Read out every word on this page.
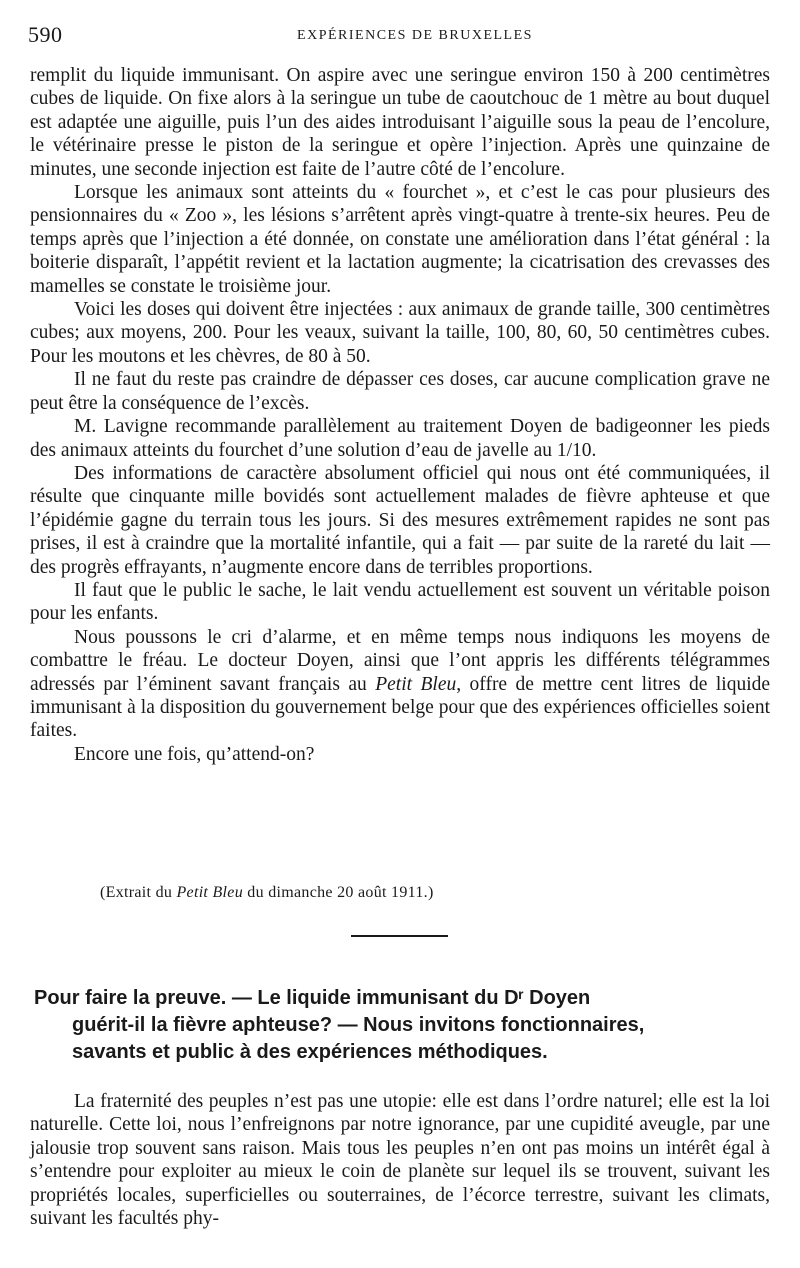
590	EXPÉRIENCES DE BRUXELLES

remplit du liquide immunisant. On aspire avec une seringue environ 150 à 200 centimètres cubes de liquide. On fixe alors à la seringue un tube de caoutchouc de 1 mètre au bout duquel est adaptée une aiguille, puis l’un des aides introduisant l’aiguille sous la peau de l’encolure, le vétérinaire presse le piston de la seringue et opère l’injection. Après une quinzaine de minutes, une seconde injection est faite de l’autre côté de l’encolure.

Lorsque les animaux sont atteints du « fourchet », et c’est le cas pour plusieurs des pensionnaires du « Zoo », les lésions s’arrêtent après vingt-quatre à trente-six heures. Peu de temps après que l’injection a été donnée, on constate une amélioration dans l’état général : la boiterie disparaît, l’appétit revient et la lactation augmente; la cicatrisation des crevasses des mamelles se constate le troisième jour.

Voici les doses qui doivent être injectées : aux animaux de grande taille, 300 centimètres cubes; aux moyens, 200. Pour les veaux, suivant la taille, 100, 80, 60, 50 centimètres cubes. Pour les moutons et les chèvres, de 80 à 50.

Il ne faut du reste pas craindre de dépasser ces doses, car aucune complication grave ne peut être la conséquence de l’excès.

M. Lavigne recommande parallèlement au traitement Doyen de badigeonner les pieds des animaux atteints du fourchet d’une solution d’eau de javelle au 1/10.

Des informations de caractère absolument officiel qui nous ont été communiquées, il résulte que cinquante mille bovidés sont actuellement malades de fièvre aphteuse et que l’épidémie gagne du terrain tous les jours. Si des mesures extrêmement rapides ne sont pas prises, il est à craindre que la mortalité infantile, qui a fait — par suite de la rareté du lait — des progrès effrayants, n’augmente encore dans de terribles proportions.

Il faut que le public le sache, le lait vendu actuellement est souvent un véritable poison pour les enfants.

Nous poussons le cri d’alarme, et en même temps nous indiquons les moyens de combattre le fréau. Le docteur Doyen, ainsi que l’ont appris les différents télégrammes adressés par l’éminent savant français au Petit Bleu, offre de mettre cent litres de liquide immunisant à la disposition du gouvernement belge pour que des expériences officielles soient faites.

Encore une fois, qu’attend-on?

(Extrait du Petit Bleu du dimanche 20 août 1911.)
Pour faire la preuve. — Le liquide immunisant du Dʳ Doyen
guérit-il la fièvre aphteuse? — Nous invitons fonctionnaires,
savants et public à des expériences méthodiques.

La fraternité des peuples n’est pas une utopie: elle est dans l’ordre naturel; elle est la loi naturelle. Cette loi, nous l’enfreignons par notre ignorance, par une cupidité aveugle, par une jalousie trop souvent sans raison. Mais tous les peuples n’en ont pas moins un intérêt égal à s’entendre pour exploiter au mieux le coin de planète sur lequel ils se trouvent, suivant les propriétés locales, superficielles ou souterraines, de l’écorce terrestre, suivant les climats, suivant les facultés phy-
